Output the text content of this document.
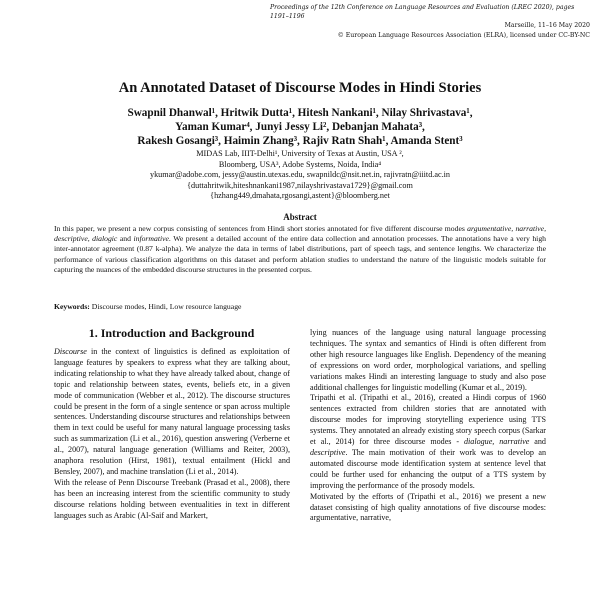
Proceedings of the 12th Conference on Language Resources and Evaluation (LREC 2020), pages 1191–1196
Marseille, 11–16 May 2020
© European Language Resources Association (ELRA), licensed under CC-BY-NC
An Annotated Dataset of Discourse Modes in Hindi Stories
Swapnil Dhanwal¹, Hritwik Dutta¹, Hitesh Nankani¹, Nilay Shrivastava¹,
Yaman Kumar⁴, Junyi Jessy Li², Debanjan Mahata³,
Rakesh Gosangi³, Haimin Zhang³, Rajiv Ratn Shah¹, Amanda Stent³
MIDAS Lab, IIIT-Delhi¹, University of Texas at Austin, USA ²,
Bloomberg, USA³, Adobe Systems, Noida, India⁴
ykumar@adobe.com, jessy@austin.utexas.edu, swapnildc@nsit.net.in, rajivratn@iiitd.ac.in
{duttahritwik,hiteshnankani1987,nilayshrivastava1729}@gmail.com
{hzhang449,dmahata,rgosangi,astent}@bloomberg.net
Abstract
In this paper, we present a new corpus consisting of sentences from Hindi short stories annotated for five different discourse modes argumentative, narrative, descriptive, dialogic and informative. We present a detailed account of the entire data collection and annotation processes. The annotations have a very high inter-annotator agreement (0.87 k-alpha). We analyze the data in terms of label distributions, part of speech tags, and sentence lengths. We characterize the performance of various classification algorithms on this dataset and perform ablation studies to understand the nature of the linguistic models suitable for capturing the nuances of the embedded discourse structures in the presented corpus.
Keywords: Discourse modes, Hindi, Low resource language
1. Introduction and Background

Discourse in the context of linguistics is defined as exploitation of language features by speakers to express what they are talking about, indicating relationship to what they have already talked about, change of topic and relationship between states, events, beliefs etc, in a given mode of communication (Webber et al., 2012). The discourse structures could be present in the form of a single sentence or span across multiple sentences. Understanding discourse structures and relationships between them in text could be useful for many natural language processing tasks such as summarization (Li et al., 2016), question answering (Verberne et al., 2007), natural language generation (Williams and Reiter, 2003), anaphora resolution (Hirst, 1981), textual entailment (Hickl and Bensley, 2007), and machine translation (Li et al., 2014).

With the release of Penn Discourse Treebank (Prasad et al., 2008), there has been an increasing interest from the scientific community to study discourse relations holding between eventualities in text in different languages such as Arabic (Al-Saif and Markert,

lying nuances of the language using natural language processing techniques. The syntax and semantics of Hindi is often different from other high resource languages like English. Dependency of the meaning of expressions on word order, morphological variations, and spelling variations makes Hindi an interesting language to study and also pose additional challenges for linguistic modelling (Kumar et al., 2019).

Tripathi et al. (Tripathi et al., 2016), created a Hindi corpus of 1960 sentences extracted from children stories that are annotated with discourse modes for improving storytelling experience using TTS systems. They annotated an already existing story speech corpus (Sarkar et al., 2014) for three discourse modes - dialogue, narrative and descriptive. The main motivation of their work was to develop an automated discourse mode identification system at sentence level that could be further used for enhancing the output of a TTS system by improving the performance of the prosody models.

Motivated by the efforts of (Tripathi et al., 2016) we present a new dataset consisting of high quality annotations of five discourse modes: argumentative, narrative,
